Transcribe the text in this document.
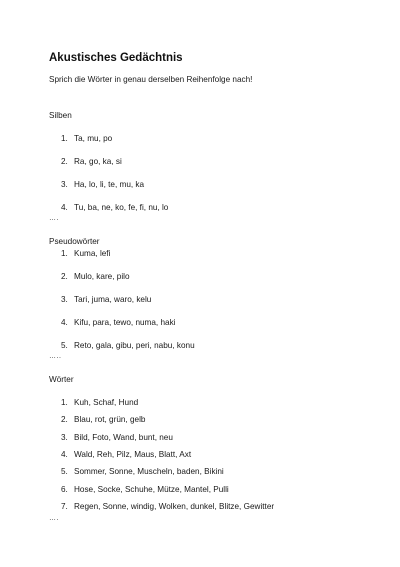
Akustisches Gedächtnis
Sprich die Wörter in genau derselben Reihenfolge nach!
Silben
1. Ta, mu, po
2. Ra, go, ka, si
3. Ha, lo, li, te, mu, ka
4. Tu, ba, ne, ko, fe, fi, nu, lo
….
Pseudowörter
1. Kuma, lefi
2. Mulo, kare, pilo
3. Tari, juma, waro, kelu
4. Kifu, para, tewo, numa, haki
5. Reto, gala, gibu, peri, nabu, konu
…..
Wörter
1. Kuh, Schaf, Hund
2. Blau, rot, grün, gelb
3. Bild, Foto, Wand, bunt, neu
4. Wald, Reh, Pilz, Maus, Blatt, Axt
5. Sommer, Sonne, Muscheln, baden, Bikini
6. Hose, Socke, Schuhe, Mütze, Mantel, Pulli
7. Regen, Sonne, windig, Wolken, dunkel, Blitze, Gewitter
….
